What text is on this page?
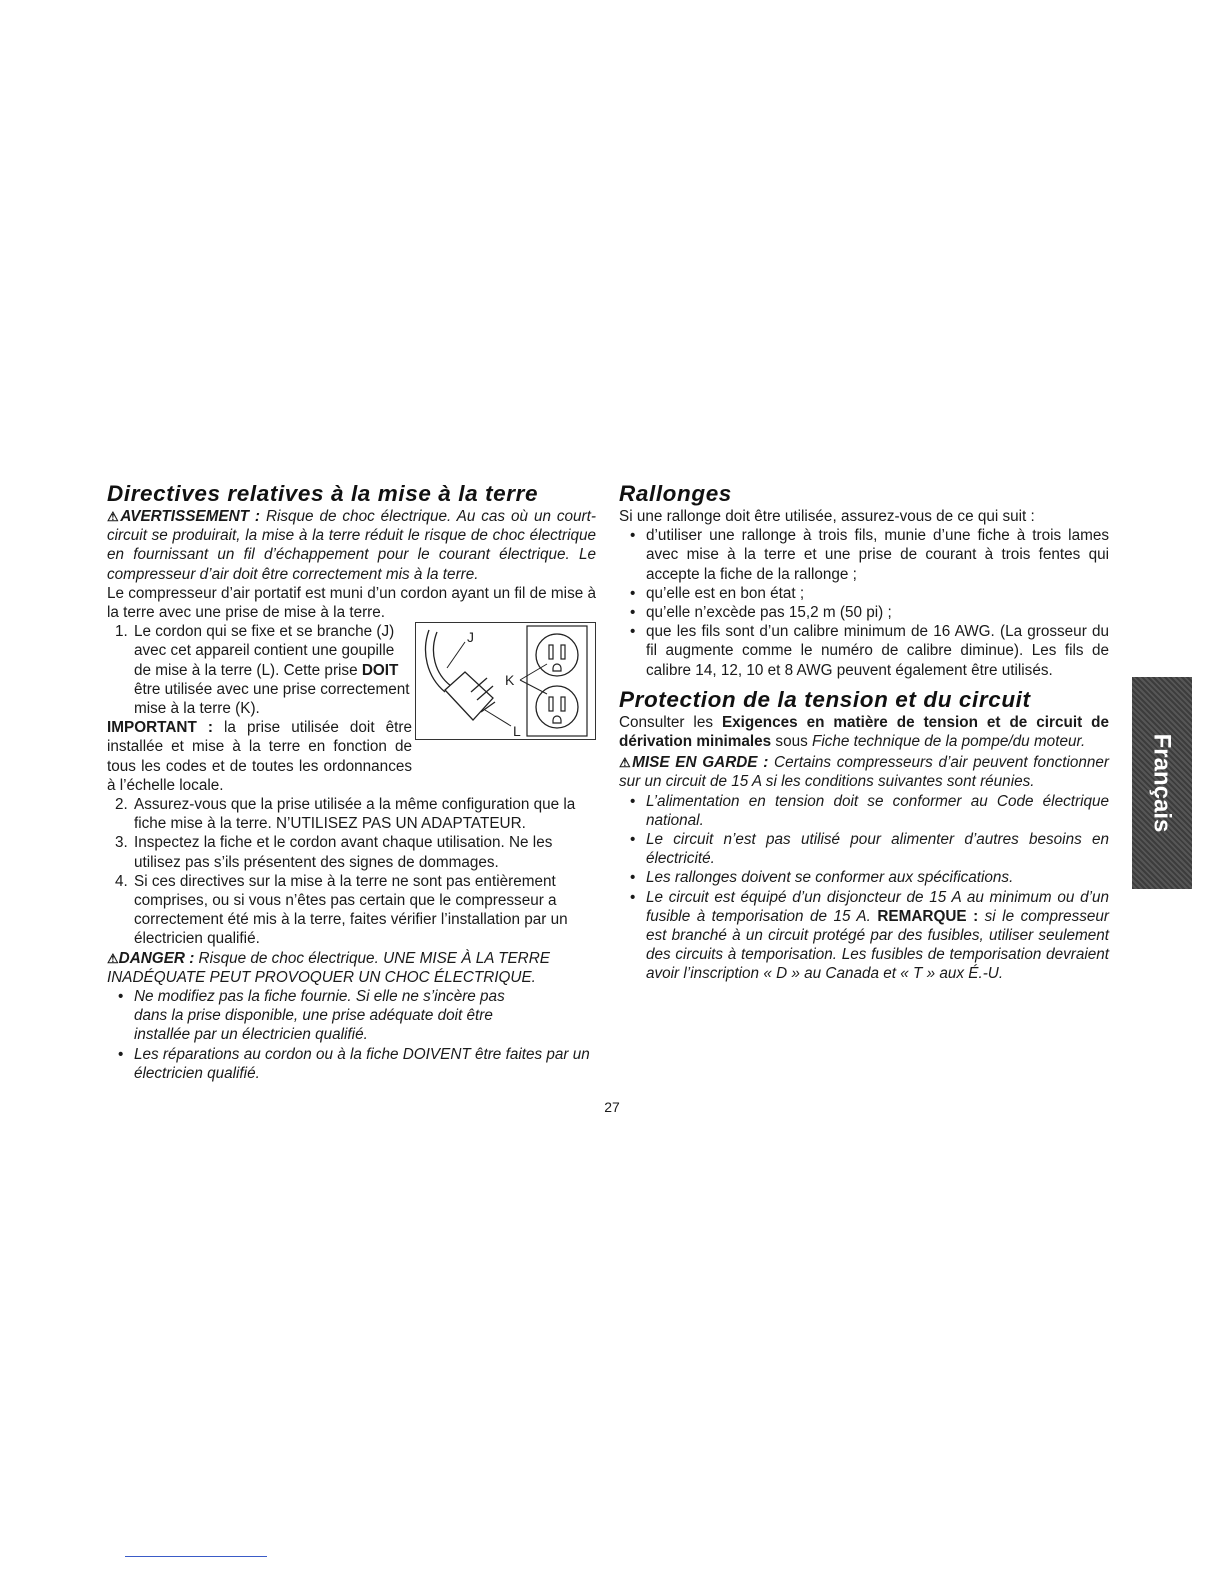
Directives relatives à la mise à la terre

⚠AVERTISSEMENT : Risque de choc électrique. Au cas où un court-circuit se produirait, la mise à la terre réduit le risque de choc électrique en fournissant un fil d’échappement pour le courant électrique. Le compresseur d’air doit être correctement mis à la terre.

Le compresseur d’air portatif est muni d’un cordon ayant un fil de mise à la terre avec une prise de mise à la terre.

1. Le cordon qui se fixe et se branche (J) avec cet appareil contient une goupille de mise à la terre (L). Cette prise DOIT être utilisée avec une prise correctement mise à la terre (K).

IMPORTANT : la prise utilisée doit être installée et mise à la terre en fonction de tous les codes et de toutes les ordonnances à l’échelle locale.

J
K
L
2. Assurez-vous que la prise utilisée a la même configuration que la fiche mise à la terre. N’UTILISEZ PAS UN ADAPTATEUR.
3. Inspectez la fiche et le cordon avant chaque utilisation. Ne les utilisez pas s’ils présentent des signes de dommages.
4. Si ces directives sur la mise à la terre ne sont pas entièrement comprises, ou si vous n’êtes pas certain que le compresseur a correctement été mis à la terre, faites vérifier l’installation par un électricien qualifié.

⚠DANGER : Risque de choc électrique. UNE MISE À LA TERRE INADÉQUATE PEUT PROVOQUER UN CHOC ÉLECTRIQUE.

• Ne modifiez pas la fiche fournie. Si elle ne s’incère pas dans la prise disponible, une prise adéquate doit être installée par un électricien qualifié.
• Les réparations au cordon ou à la fiche DOIVENT être faites par un électricien qualifié.
Rallonges

Si une rallonge doit être utilisée, assurez-vous de ce qui suit :

• d’utiliser une rallonge à trois fils, munie d’une fiche à trois lames avec mise à la terre et une prise de courant à trois fentes qui accepte la fiche de la rallonge ;
• qu’elle est en bon état ;
• qu’elle n’excède pas 15,2 m (50 pi) ;
• que les fils sont d’un calibre minimum de 16 AWG. (La grosseur du fil augmente comme le numéro de calibre diminue). Les fils de calibre 14, 12, 10 et 8 AWG peuvent également être utilisés.
Protection de la tension et du circuit

Consulter les Exigences en matière de tension et de circuit de dérivation minimales sous Fiche technique de la pompe/du moteur.

⚠MISE EN GARDE : Certains compresseurs d’air peuvent fonctionner sur un circuit de 15 A si les conditions suivantes sont réunies.

• L’alimentation en tension doit se conformer au Code électrique national.
• Le circuit n’est pas utilisé pour alimenter d’autres besoins en électricité.
• Les rallonges doivent se conformer aux spécifications.
• Le circuit est équipé d’un disjoncteur de 15 A au minimum ou d’un fusible à temporisation de 15 A. REMARQUE : si le compresseur est branché à un circuit protégé par des fusibles, utiliser seulement des circuits à temporisation. Les fusibles de temporisation devraient avoir l’inscription « D » au Canada et « T » aux É.-U.
27
Français
